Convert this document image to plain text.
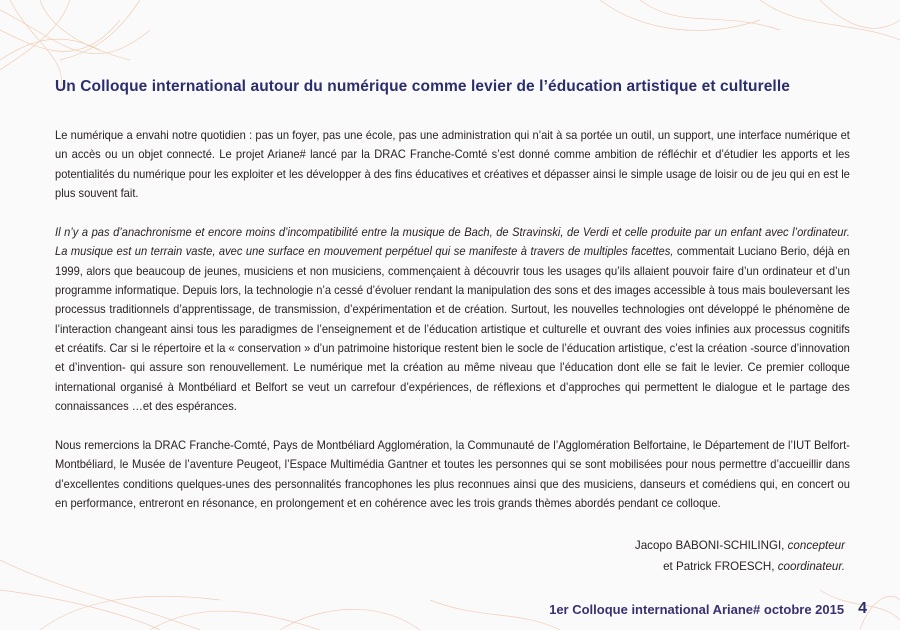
Un Colloque international autour du numérique comme levier de l’éducation artistique et culturelle

Le numérique a envahi notre quotidien : pas un foyer, pas une école, pas une administration qui n’ait à sa portée un outil, un support, une interface numérique et un accès ou un objet connecté. Le projet Ariane# lancé par la DRAC Franche-Comté s’est donné comme ambition de réfléchir et d’étudier les apports et les potentialités du numérique pour les exploiter et les développer à des fins éducatives et créatives et dépasser ainsi le simple usage de loisir ou de jeu qui en est le plus souvent fait.

Il n’y a pas d’anachronisme et encore moins d’incompatibilité entre la musique de Bach, de Stravinski, de Verdi et celle produite par un enfant avec l’ordinateur. La musique est un terrain vaste, avec une surface en mouvement perpétuel qui se manifeste à travers de multiples facettes, commentait Luciano Berio, déjà en 1999, alors que beaucoup de jeunes, musiciens et non musiciens, commençaient à découvrir tous les usages qu’ils allaient pouvoir faire d’un ordinateur et d’un programme informatique. Depuis lors, la technologie n’a cessé d’évoluer rendant la manipulation des sons et des images accessible à tous mais bouleversant les processus traditionnels d’apprentissage, de transmission, d’expérimentation et de création. Surtout, les nouvelles technologies ont développé le phénomène de l’interaction changeant ainsi tous les paradigmes de l’enseignement et de l’éducation artistique et culturelle et ouvrant des voies infinies aux processus cognitifs et créatifs. Car si le répertoire et la « conservation » d’un patrimoine historique restent bien le socle de l’éducation artistique, c’est la création -source d’innovation et d’invention- qui assure son renouvellement. Le numérique met la création au même niveau que l’éducation dont elle se fait le levier. Ce premier colloque international organisé à Montbéliard et Belfort se veut un carrefour d’expériences, de réflexions et d’approches qui permettent le dialogue et le partage des connaissances …et des espérances.

Nous remercions la DRAC Franche-Comté, Pays de Montbéliard Agglomération, la Communauté de l’Agglomération Belfortaine, le Département de l’IUT Belfort-Montbéliard, le Musée de l’aventure Peugeot, l’Espace Multimédia Gantner et toutes les personnes qui se sont mobilisées pour nous permettre d’accueillir dans d’excellentes conditions quelques-unes des personnalités francophones les plus reconnues ainsi que des musiciens, danseurs et comédiens qui, en concert ou en performance, entreront en résonance, en prolongement et en cohérence avec les trois grands thèmes abordés pendant ce colloque.

Jacopo BABONI-SCHILINGI, concepteur
et Patrick FROESCH, coordinateur.
1er Colloque international Ariane# octobre 2015 4
